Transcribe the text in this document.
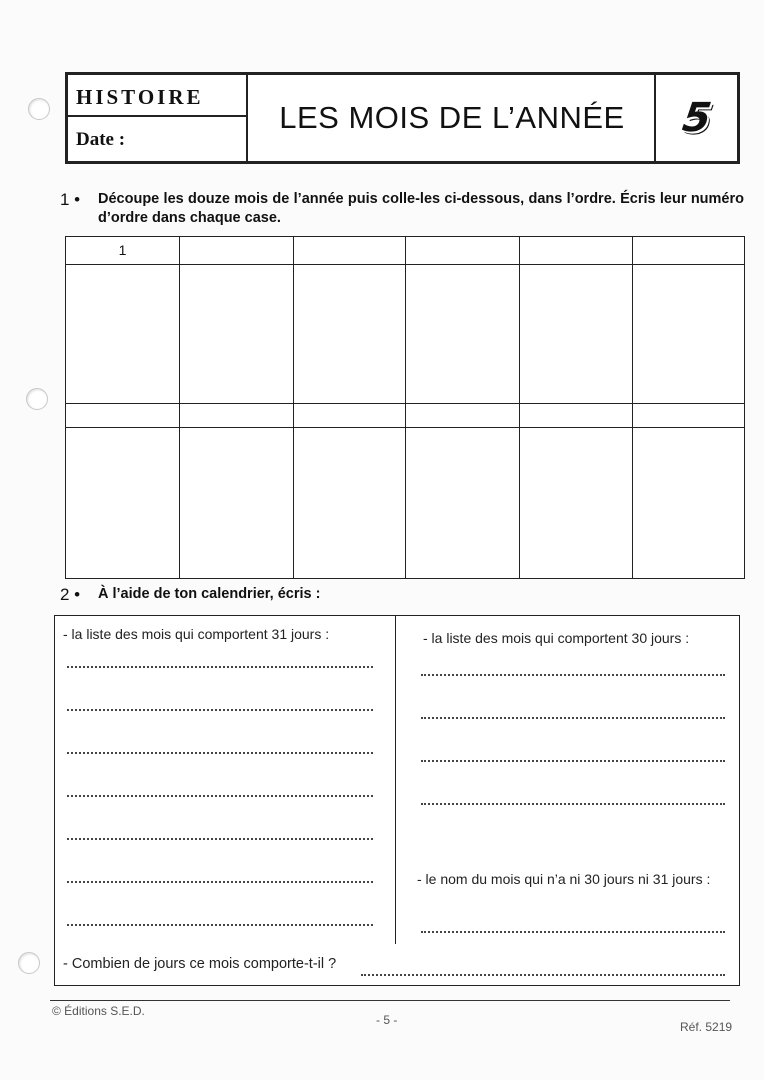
HISTOIRE
Date :
LES MOIS DE L’ANNÉE	5
1 •	Découpe les douze mois de l’année puis colle-les ci-dessous, dans l’ordre. Écris leur numéro d’ordre dans chaque case.
1
2 •	À l’aide de ton calendrier, écris :
- la liste des mois qui comportent 31 jours :	- la liste des mois qui comportent 30 jours :
- le nom du mois qui n’a ni 30 jours ni 31 jours :
- Combien de jours ce mois comporte-t-il ?
© Éditions S.E.D.
- 5 -	Réf. 5219
